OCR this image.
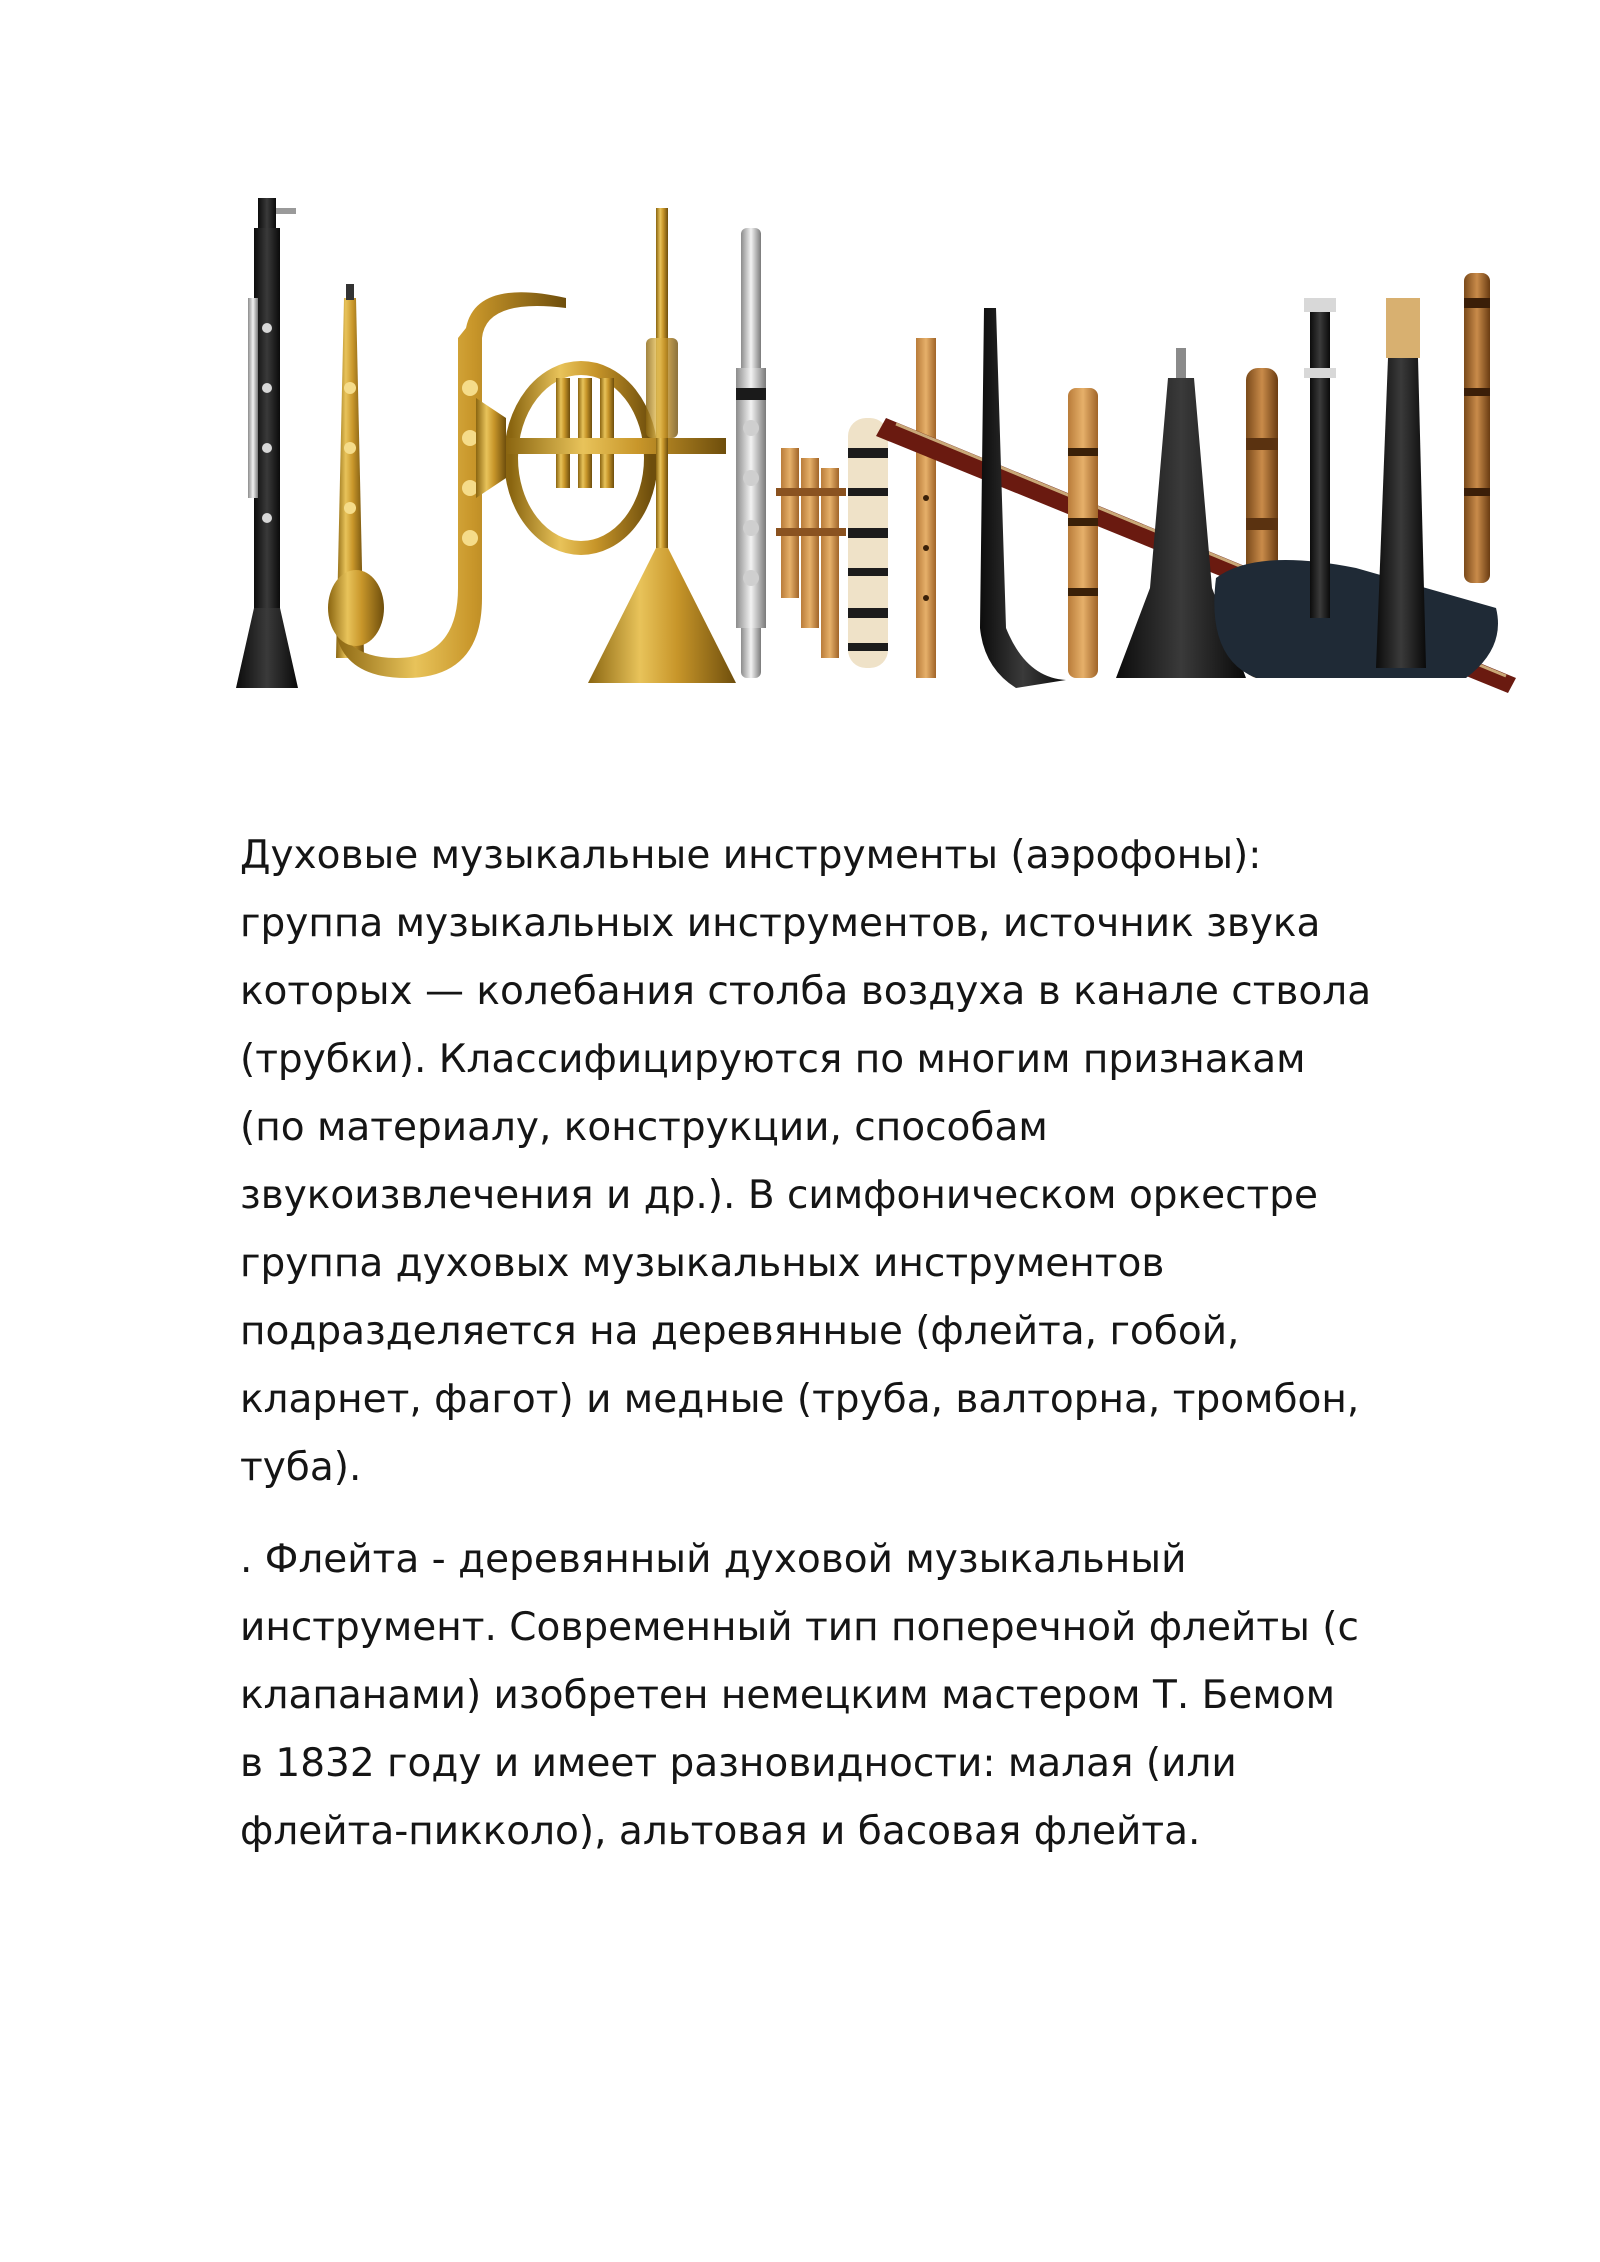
Духовые музыкальные инструменты (аэрофоны):
группа музыкальных инструментов, источник звука
которых — колебания столба воздуха в канале ствола
(трубки). Классифицируются по многим признакам
(по материалу, конструкции, способам
звукоизвлечения и др.). В симфоническом оркестре
группа духовых музыкальных инструментов
подразделяется на деревянные (флейта, гобой,
кларнет, фагот) и медные (труба, валторна, тромбон,
туба).

. Флейта - деревянный духовой музыкальный
инструмент. Современный тип поперечной флейты (с
клапанами) изобретен немецким мастером Т. Бемом
в 1832 году и имеет разновидности: малая (или
флейта-пикколо), альтовая и басовая флейта.
